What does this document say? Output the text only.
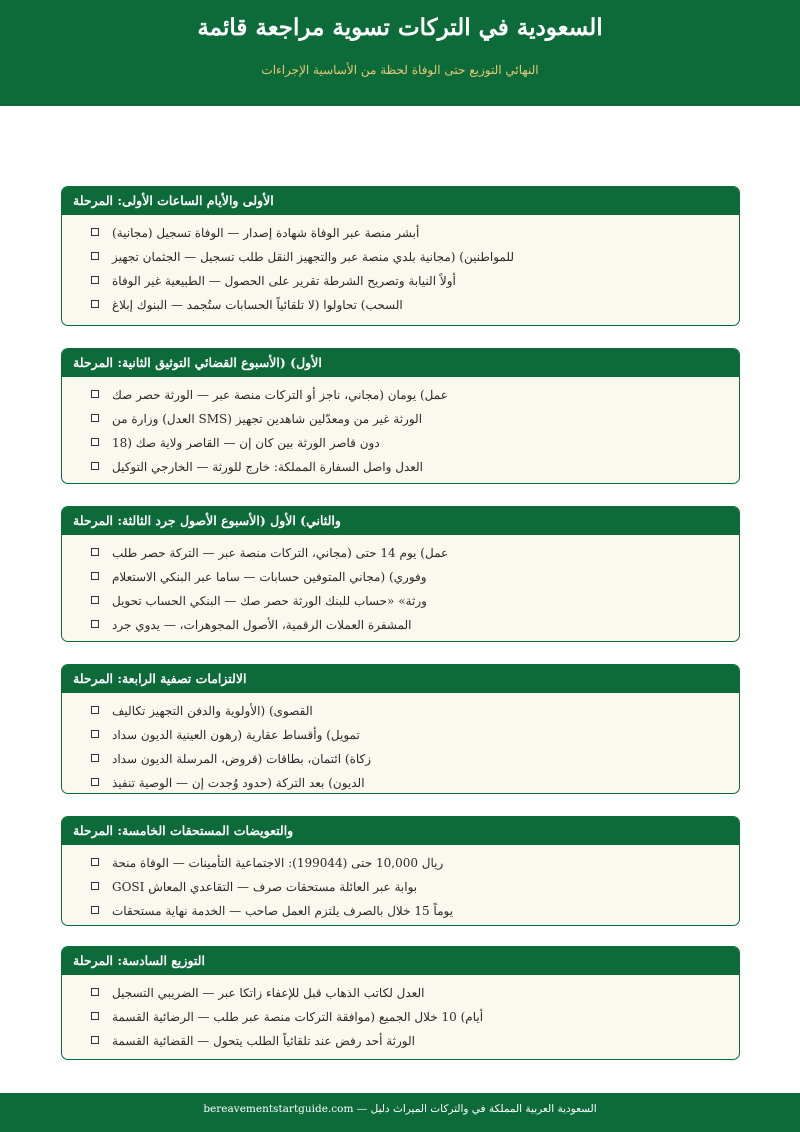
السعودية في التركات تسوية مراجعة قائمة
النهائي التوزيع حتى الوفاة لحظة من الأساسية الإجراءات
الأولى والأيام الساعات الأولى: المرحلة
(مجانية) أبشر منصة عبر الوفاة شهادة إصدار — الوفاة تسجيل
للمواطنين) (مجانية بلدي منصة عبر والتجهيز النقل طلب تسجيل — الجثمان تجهيز
أولاً النيابة وتصريح الشرطة تقرير على الحصول — الطبيعية غير الوفاة
السحب) تحاولوا (لا تلقائياً الحسابات ستُجمد — البنوك إبلاغ
الأول) (الأسبوع القضائي التوثيق الثانية: المرحلة
عمل) يومان (مجاني، ناجز أو التركات منصة عبر — الورثة حصر صك
العدل) وزارة من SMS) الورثة غير من ومعدّلين شاهدين تجهيز
18) دون قاصر الورثة بين كان إن — القاصر ولاية صك
العدل واصل السفارة المملكة: خارج للورثة — الخارجي التوكيل
والثاني) الأول (الأسبوع الأصول جرد الثالثة: المرحلة
عمل) يوم 14 حتى (مجاني، التركات منصة عبر — التركة حصر طلب
وفوري) (مجاني المتوفين حسابات — ساما عبر البنكي الاستعلام
ورثة» «حساب للبنك الورثة حصر صك — البنكي الحساب تحويل
المشفرة العملات الرقمية، الأصول المجوهرات، — يدوي جرد
الالتزامات تصفية الرابعة: المرحلة
القصوى) (الأولوية والدفن التجهيز تكاليف
تمويل) وأقساط عقارية (رهون العينية الديون سداد
زكاة) ائتمان، بطاقات (قروض، المرسلة الديون سداد
الديون) بعد التركة (حدود وُجدت إن — الوصية تنفيذ
والتعويضات المستحقات الخامسة: المرحلة
ريال 10,000 حتى (199044): الاجتماعية التأمينات — الوفاة منحة
GOSI بوابة عبر العائلة مستحقات صرف — التقاعدي المعاش
يوماً 15 خلال بالصرف يلتزم العمل صاحب — الخدمة نهاية مستحقات
التوزيع السادسة: المرحلة
العدل لكاتب الذهاب قبل للإعفاء زاتكا عبر — الضريبي التسجيل
أيام) 10 خلال الجميع (موافقة التركات منصة عبر طلب — الرضائية القسمة
الورثة أحد رفض عند تلقائياً الطلب يتحول — القضائية القسمة
السعودية العربية المملكة في والتركات الميراث دليل — bereavementstartguide.com
